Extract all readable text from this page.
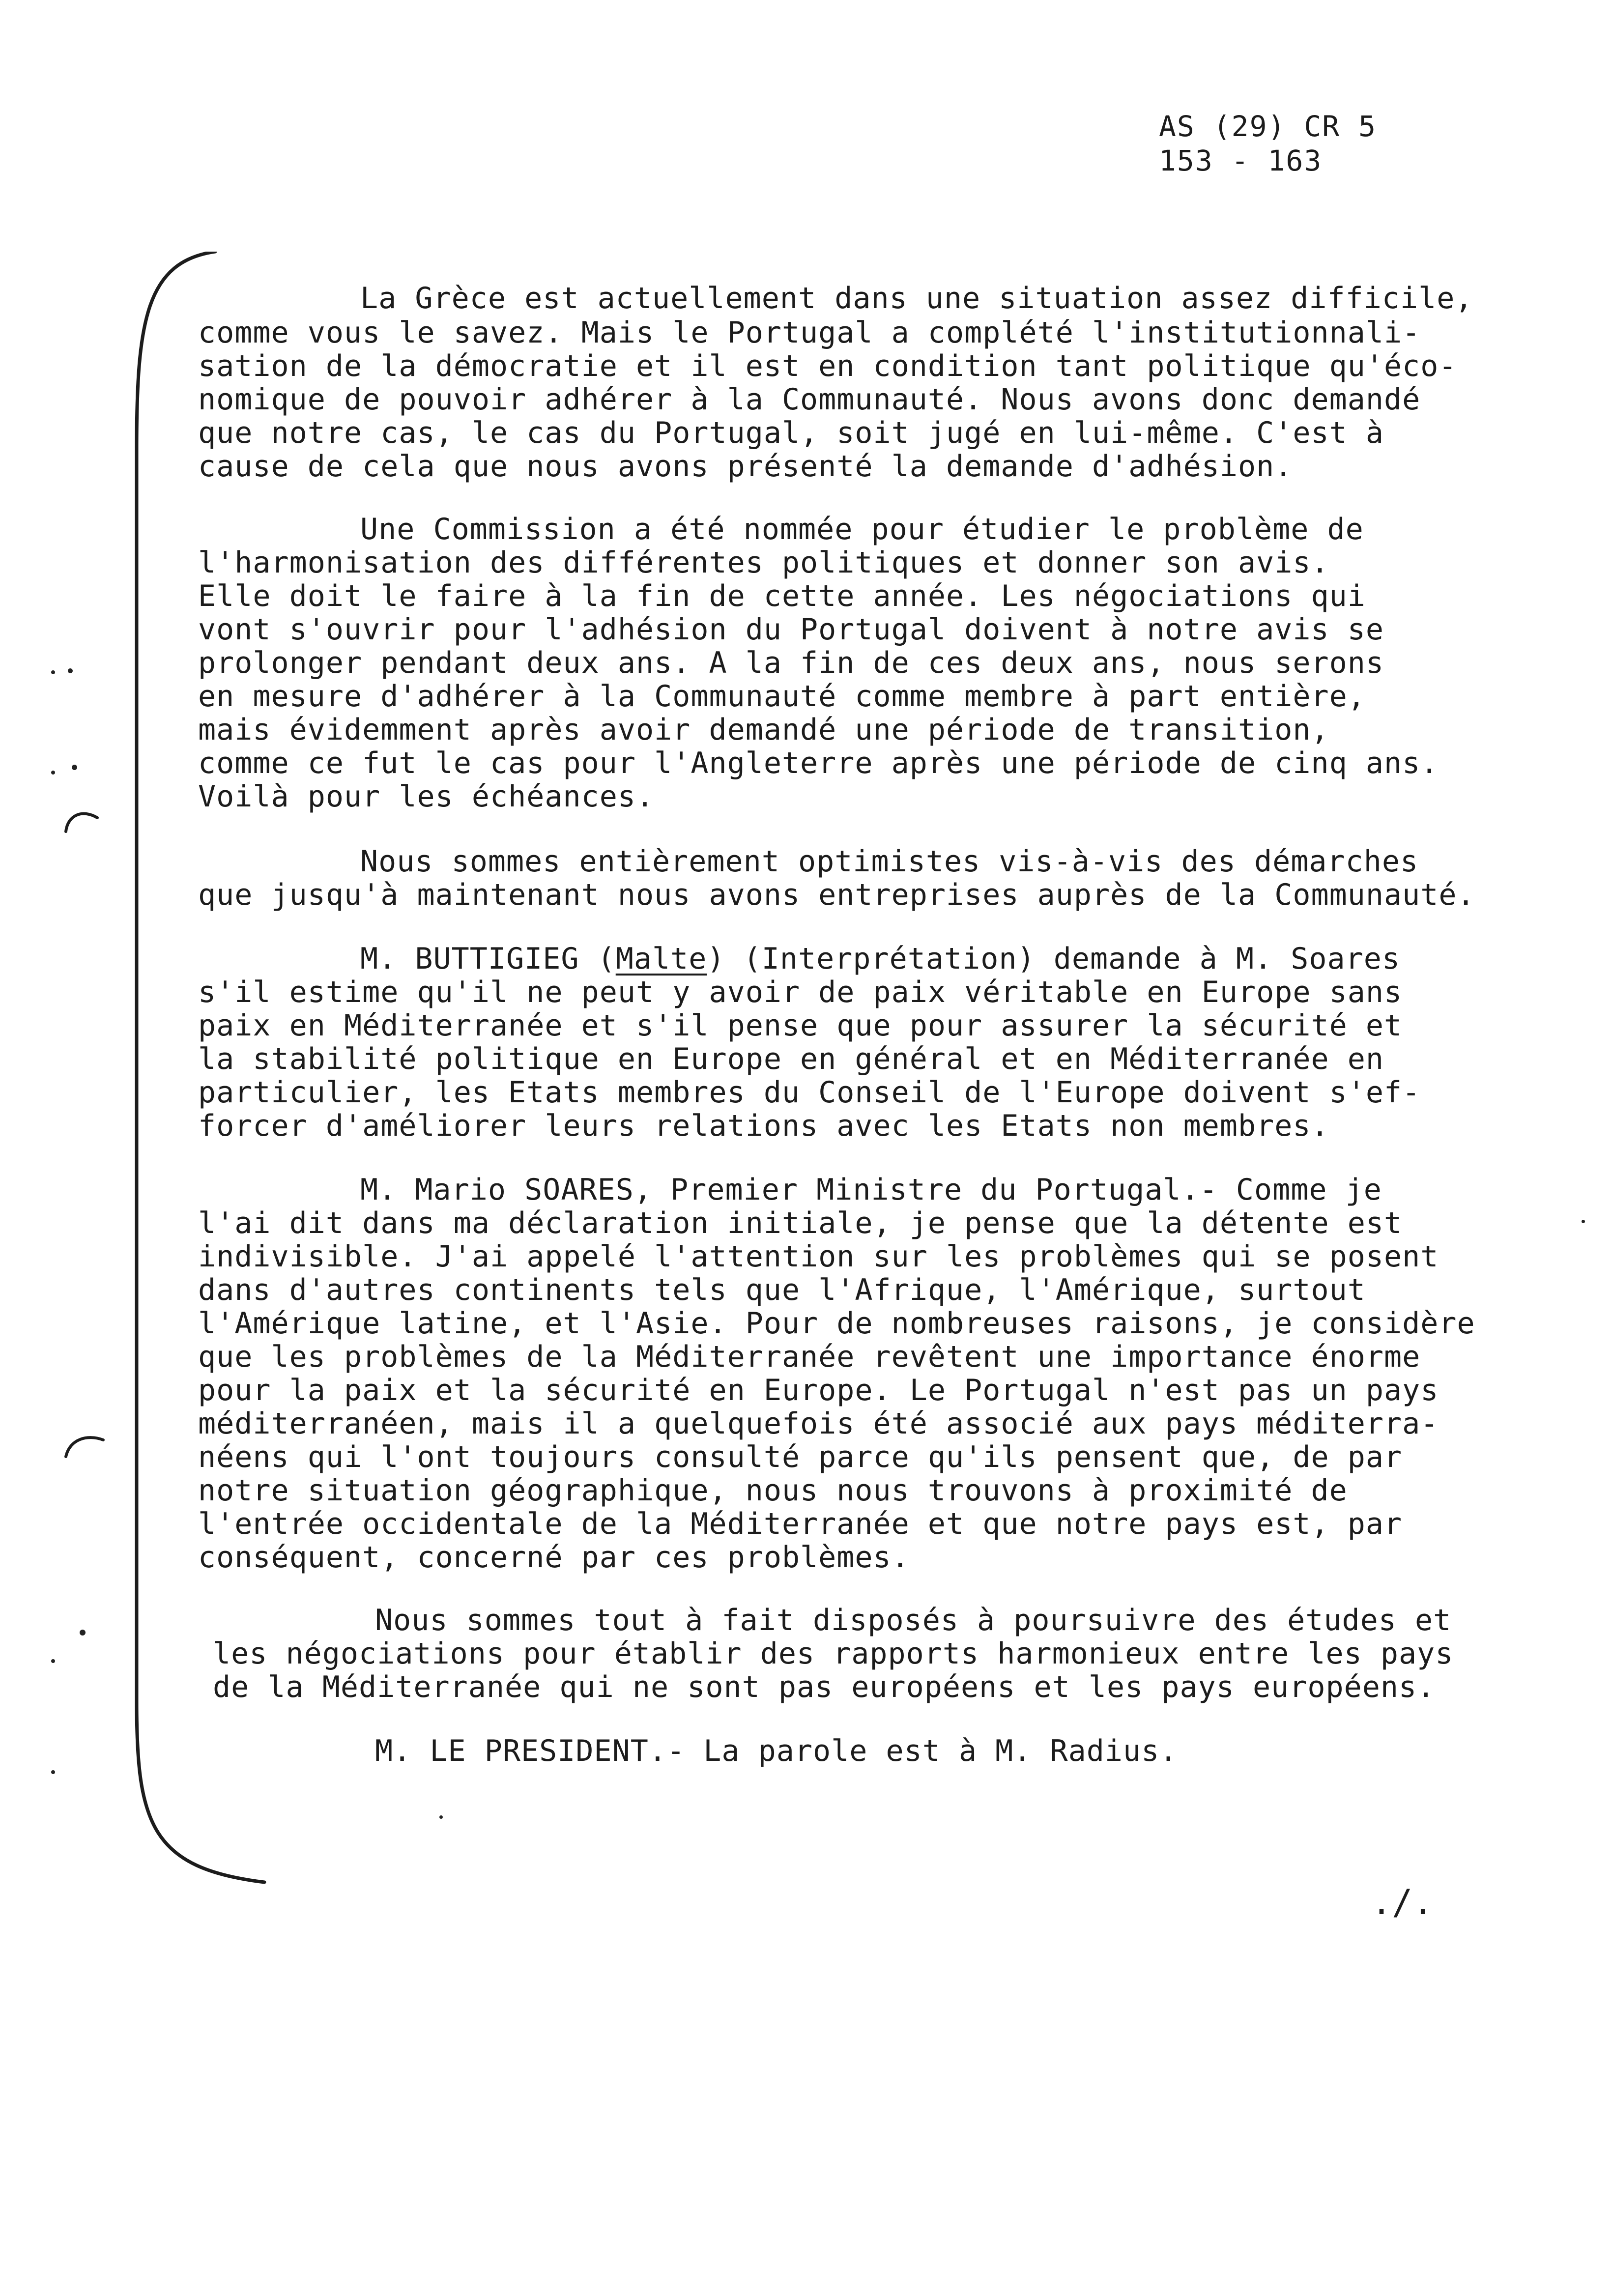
AS (29) CR 5
153 - 163
La Grèce est actuellement dans une situation assez difficile,
comme vous le savez. Mais le Portugal a complété l'institutionnali-
sation de la démocratie et il est en condition tant politique qu'éco-
nomique de pouvoir adhérer à la Communauté. Nous avons donc demandé
que notre cas, le cas du Portugal, soit jugé en lui-même. C'est à
cause de cela que nous avons présenté la demande d'adhésion.
Une Commission a été nommée pour étudier le problème de
l'harmonisation des différentes politiques et donner son avis.
Elle doit le faire à la fin de cette année. Les négociations qui
vont s'ouvrir pour l'adhésion du Portugal doivent à notre avis se
prolonger pendant deux ans. A la fin de ces deux ans, nous serons
en mesure d'adhérer à la Communauté comme membre à part entière,
mais évidemment après avoir demandé une période de transition,
comme ce fut le cas pour l'Angleterre après une période de cinq ans.
Voilà pour les échéances.
Nous sommes entièrement optimistes vis-à-vis des démarches
que jusqu'à maintenant nous avons entreprises auprès de la Communauté.
M. BUTTIGIEG (Malte) (Interprétation) demande à M. Soares
s'il estime qu'il ne peut y avoir de paix véritable en Europe sans
paix en Méditerranée et s'il pense que pour assurer la sécurité et
la stabilité politique en Europe en général et en Méditerranée en
particulier, les Etats membres du Conseil de l'Europe doivent s'ef-
forcer d'améliorer leurs relations avec les Etats non membres.
M. Mario SOARES, Premier Ministre du Portugal.- Comme je
l'ai dit dans ma déclaration initiale, je pense que la détente est
indivisible. J'ai appelé l'attention sur les problèmes qui se posent
dans d'autres continents tels que l'Afrique, l'Amérique, surtout
l'Amérique latine, et l'Asie. Pour de nombreuses raisons, je considère
que les problèmes de la Méditerranée revêtent une importance énorme
pour la paix et la sécurité en Europe. Le Portugal n'est pas un pays
méditerranéen, mais il a quelquefois été associé aux pays méditerra-
néens qui l'ont toujours consulté parce qu'ils pensent que, de par
notre situation géographique, nous nous trouvons à proximité de
l'entrée occidentale de la Méditerranée et que notre pays est, par
conséquent, concerné par ces problèmes.
Nous sommes tout à fait disposés à poursuivre des études et
les négociations pour établir des rapports harmonieux entre les pays
de la Méditerranée qui ne sont pas européens et les pays européens.
M. LE PRESIDENT.- La parole est à M. Radius.
./.
